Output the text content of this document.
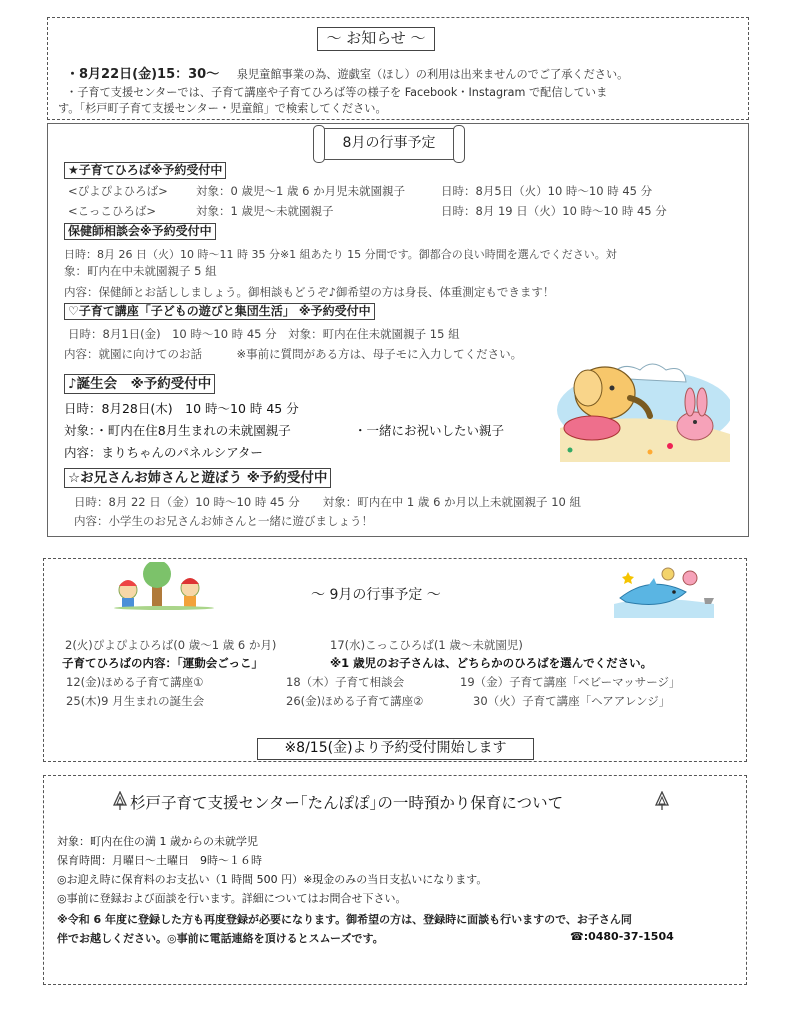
～ お知らせ ～
・8月22日(金)15：30～ 泉児童館事業の為、遊戯室（ほし）の利用は出来ませんのでご了承ください。
・子育て支援センターでは、子育て講座や子育てひろば等の様子を Facebook・Instagram で配信していま
す。「杉戸町子育て支援センター・児童館」で検索してください。
8月の行事予定
★子育てひろば※予約受付中
<ぴよぴよひろば> 対象：0 歳児～1 歳 6 か月児未就園親子	日時：8月5日（火）10 時～10 時 45 分
<こっこひろば>	対象：1 歳児～未就園親子	日時：8月 19 日（火）10 時～10 時 45 分
保健師相談会※予約受付中
日時：8月 26 日（火）10 時～11 時 35 分※1 組あたり 15 分間です。御都合の良い時間を選んでください。対
象：町内在中未就園親子 5 組
内容：保健師とお話ししましょう。御相談もどうぞ♪御希望の方は身長、体重測定もできます！
♡子育て講座「子どもの遊びと集団生活」 ※予約受付中
日時：8月1日(金)　10 時～10 時 45 分　対象：町内在住未就園親子 15 組
内容：就園に向けてのお話　　　※事前に質問がある方は、母子モに入力してください。
♪誕生会　※予約受付中
日時：8月28日(木)　10 時～10 時 45 分
対象：・町内在住8月生まれの未就園親子	・一緒にお祝いしたい親子
内容：まりちゃんのパネルシアター
☆お兄さんお姉さんと遊ぼう ※予約受付中
日時：8月 22 日（金）10 時～10 時 45 分　　対象：町内在中 1 歳 6 か月以上未就園親子 10 組
内容：小学生のお兄さんお姉さんと一緒に遊びましょう！
～ 9月の行事予定 ～
2(火)ぴよぴよひろば(0 歳～1 歳 6 か月)	17(水)こっこひろば(1 歳～未就園児)
子育てひろばの内容：｢運動会ごっこ｣	※1 歳児のお子さんは、どちらかのひろばを選んでください。
12(金)ほめる子育て講座①	18（木）子育て相談会	19（金）子育て講座「ベビーマッサージ」
25(木)9 月生まれの誕生会	26(金)ほめる子育て講座②	30（火）子育て講座「ヘアアレンジ」
※8/15(金)より予約受付開始します
杉戸子育て支援センター｢たんぽぽ｣の一時預かり保育について
対象：町内在住の満 1 歳からの未就学児
保育時間：月曜日～土曜日　9時～１６時
◎お迎え時に保育料のお支払い（1 時間 500 円）※現金のみの当日支払いになります。
◎事前に登録および面談を行います。詳細についてはお問合せ下さい。
※令和 6 年度に登録した方も再度登録が必要になります。御希望の方は、登録時に面談も行いますので、お子さん同
伴でお越しください。◎事前に電話連絡を頂けるとスムーズです。	☎:0480-37-1504
